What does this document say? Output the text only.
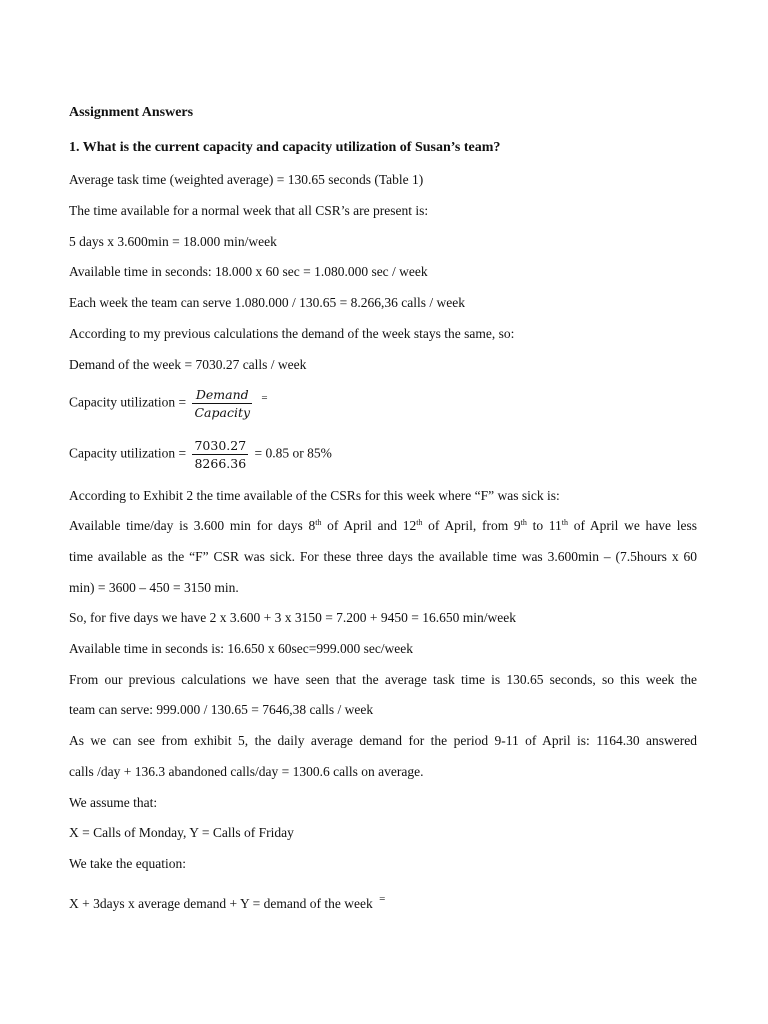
Assignment Answers
1. What is the current capacity and capacity utilization of Susan’s team?
Average task time (weighted average) = 130.65 seconds (Table 1)
The time available for a normal week that all CSR’s are present is:
5 days x 3.600min = 18.000 min/week
Available time in seconds: 18.000 x 60 sec = 1.080.000 sec / week
Each week the team can serve 1.080.000 / 130.65 = 8.266,36 calls / week
According to my previous calculations the demand of the week stays the same, so:
Demand of the week = 7030.27 calls / week
Capacity utilization = $\frac{\text{Demand}}{\text{Capacity}} ^=$
Capacity utilization = $\frac{7030.27}{8266.36} = 0.85$ or 85%
According to Exhibit 2 the time available of the CSRs for this week where “F” was sick is:
Available time/day is 3.600 min for days 8th of April and 12th of April, from 9th to 11th of April we have less
time available as the “F” CSR was sick. For these three days the available time was 3.600min – (7.5hours x 60
min) = 3600 – 450 = 3150 min.
So, for five days we have 2 x 3.600 + 3 x 3150 = 7.200 + 9450 = 16.650 min/week
Available time in seconds is: 16.650 x 60sec=999.000 sec/week
From our previous calculations we have seen that the average task time is 130.65 seconds, so this week the
team can serve: 999.000 / 130.65 = 7646,38 calls / week
As we can see from exhibit 5, the daily average demand for the period 9-11 of April is: 1164.30 answered
calls /day + 136.3 abandoned calls/day = 1300.6 calls on average.
We assume that:
X = Calls of Monday, Y = Calls of Friday
We take the equation:
X + 3days x average demand + Y = demand of the week =
